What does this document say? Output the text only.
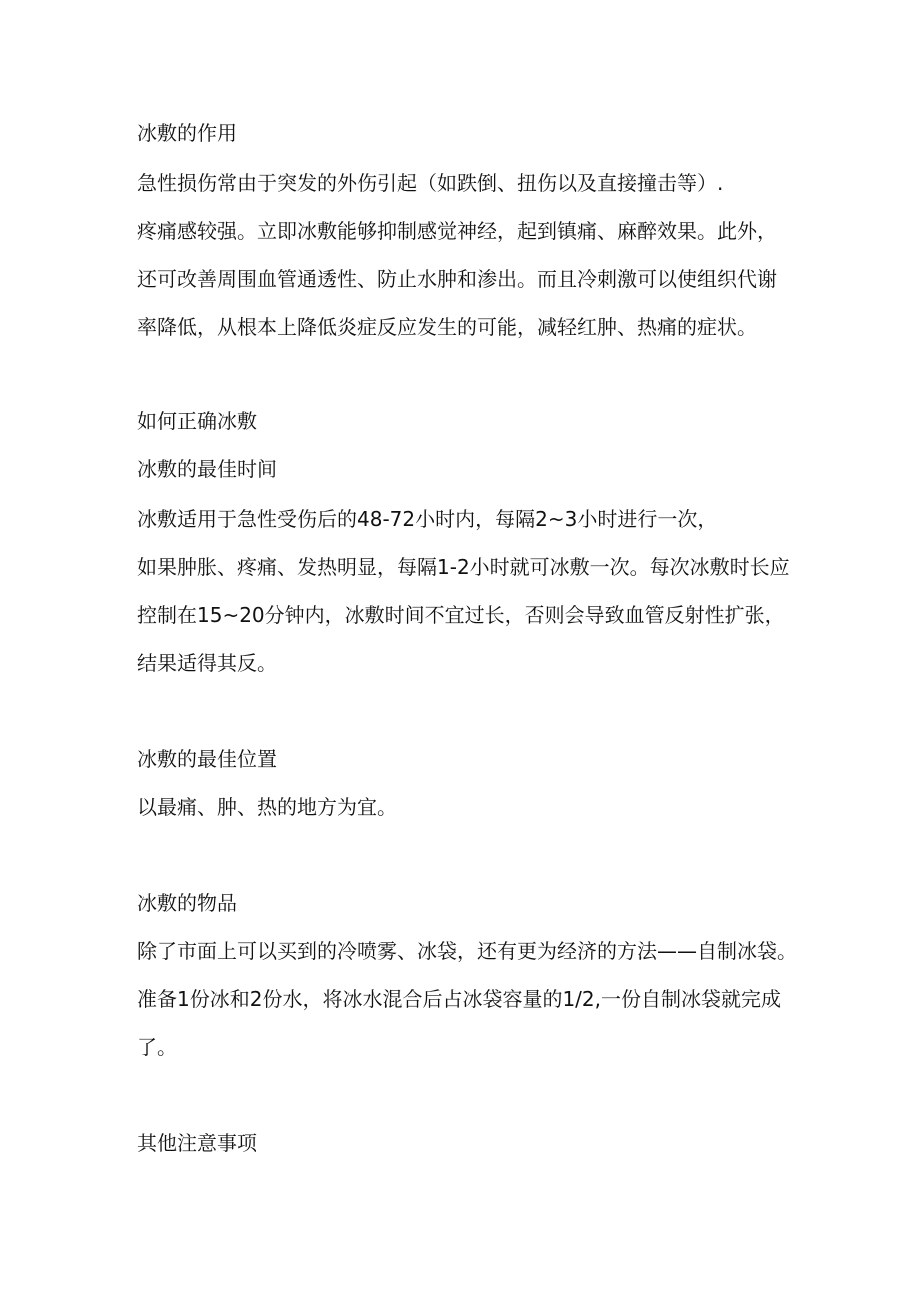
冰敷的作用

急性损伤常由于突发的外伤引起（如跌倒、扭伤以及直接撞击等）.

疼痛感较强。立即冰敷能够抑制感觉神经，起到镇痛、麻醉效果。此外，

还可改善周围血管通透性、防止水肿和渗出。而且冷刺激可以使组织代谢

率降低，从根本上降低炎症反应发生的可能，减轻红肿、热痛的症状。

如何正确冰敷
冰敷的最佳时间

冰敷适用于急性受伤后的48-72小时内，每隔2~3小时进行一次，

如果肿胀、疼痛、发热明显，每隔1-2小时就可冰敷一次。每次冰敷时长应

控制在15~20分钟内，冰敷时间不宜过长，否则会导致血管反射性扩张，

结果适得其反。

冰敷的最佳位置

以最痛、肿、热的地方为宜。

冰敷的物品

除了市面上可以买到的冷喷雾、冰袋，还有更为经济的方法——自制冰袋。

准备1份冰和2份水，将冰水混合后占冰袋容量的1/2,一份自制冰袋就完成

了。

其他注意事项
